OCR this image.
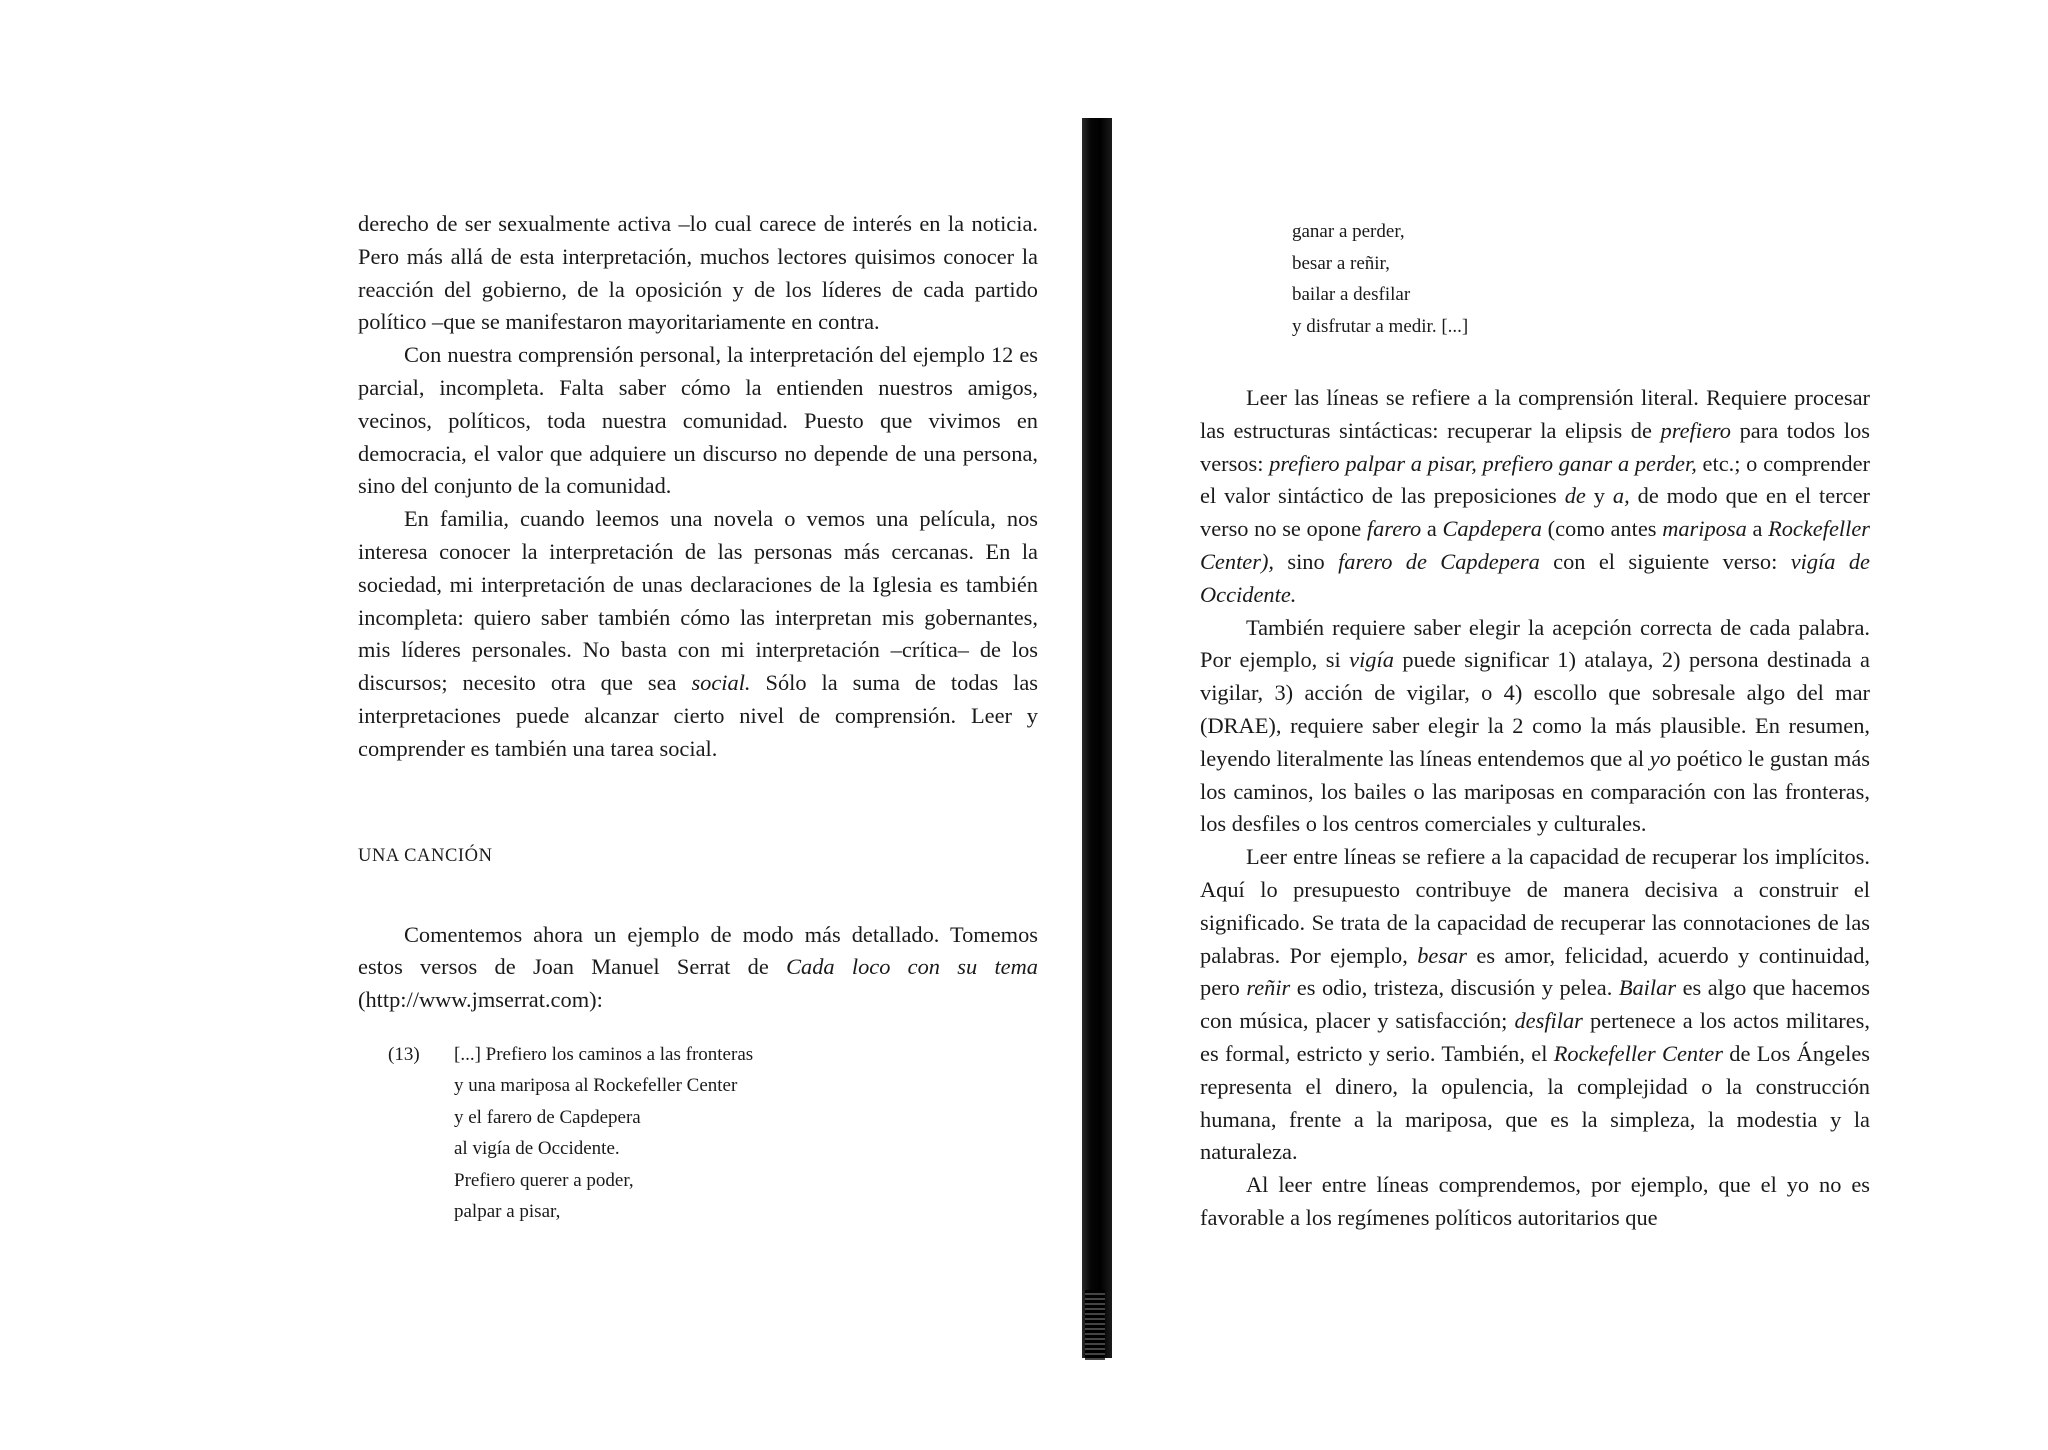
derecho de ser sexualmente activa –lo cual carece de interés en la noticia. Pero más allá de esta interpretación, muchos lectores quisimos conocer la reacción del gobierno, de la oposición y de los líderes de cada partido político –que se manifestaron mayoritariamente en contra.

Con nuestra comprensión personal, la interpretación del ejemplo 12 es parcial, incompleta. Falta saber cómo la entienden nuestros amigos, vecinos, políticos, toda nuestra comunidad. Puesto que vivimos en democracia, el valor que adquiere un discurso no depende de una persona, sino del conjunto de la comunidad.

En familia, cuando leemos una novela o vemos una película, nos interesa conocer la interpretación de las personas más cercanas. En la sociedad, mi interpretación de unas declaraciones de la Iglesia es también incompleta: quiero saber también cómo las interpretan mis gobernantes, mis líderes personales. No basta con mi interpretación –crítica– de los discursos; necesito otra que sea social. Sólo la suma de todas las interpretaciones puede alcanzar cierto nivel de comprensión. Leer y comprender es también una tarea social.

UNA CANCIÓN

Comentemos ahora un ejemplo de modo más detallado. Tomemos estos versos de Joan Manuel Serrat de Cada loco con su tema (http://www.jmserrat.com):

(13)	[...] Prefiero los caminos a las fronteras
y una mariposa al Rockefeller Center
y el farero de Capdepera
al vigía de Occidente.
Prefiero querer a poder,
palpar a pisar,
ganar a perder,
besar a reñir,
bailar a desfilar
y disfrutar a medir. [...]

Leer las líneas se refiere a la comprensión literal. Requiere procesar las estructuras sintácticas: recuperar la elipsis de prefiero para todos los versos: prefiero palpar a pisar, prefiero ganar a perder, etc.; o comprender el valor sintáctico de las preposiciones de y a, de modo que en el tercer verso no se opone farero a Capdepera (como antes mariposa a Rockefeller Center), sino farero de Capdepera con el siguiente verso: vigía de Occidente.

También requiere saber elegir la acepción correcta de cada palabra. Por ejemplo, si vigía puede significar 1) atalaya, 2) persona destinada a vigilar, 3) acción de vigilar, o 4) escollo que sobresale algo del mar (DRAE), requiere saber elegir la 2 como la más plausible. En resumen, leyendo literalmente las líneas entendemos que al yo poético le gustan más los caminos, los bailes o las mariposas en comparación con las fronteras, los desfiles o los centros comerciales y culturales.

Leer entre líneas se refiere a la capacidad de recuperar los implícitos. Aquí lo presupuesto contribuye de manera decisiva a construir el significado. Se trata de la capacidad de recuperar las connotaciones de las palabras. Por ejemplo, besar es amor, felicidad, acuerdo y continuidad, pero reñir es odio, tristeza, discusión y pelea. Bailar es algo que hacemos con música, placer y satisfacción; desfilar pertenece a los actos militares, es formal, estricto y serio. También, el Rockefeller Center de Los Ángeles representa el dinero, la opulencia, la complejidad o la construcción humana, frente a la mariposa, que es la simpleza, la modestia y la naturaleza.

Al leer entre líneas comprendemos, por ejemplo, que el yo no es favorable a los regímenes políticos autoritarios que
